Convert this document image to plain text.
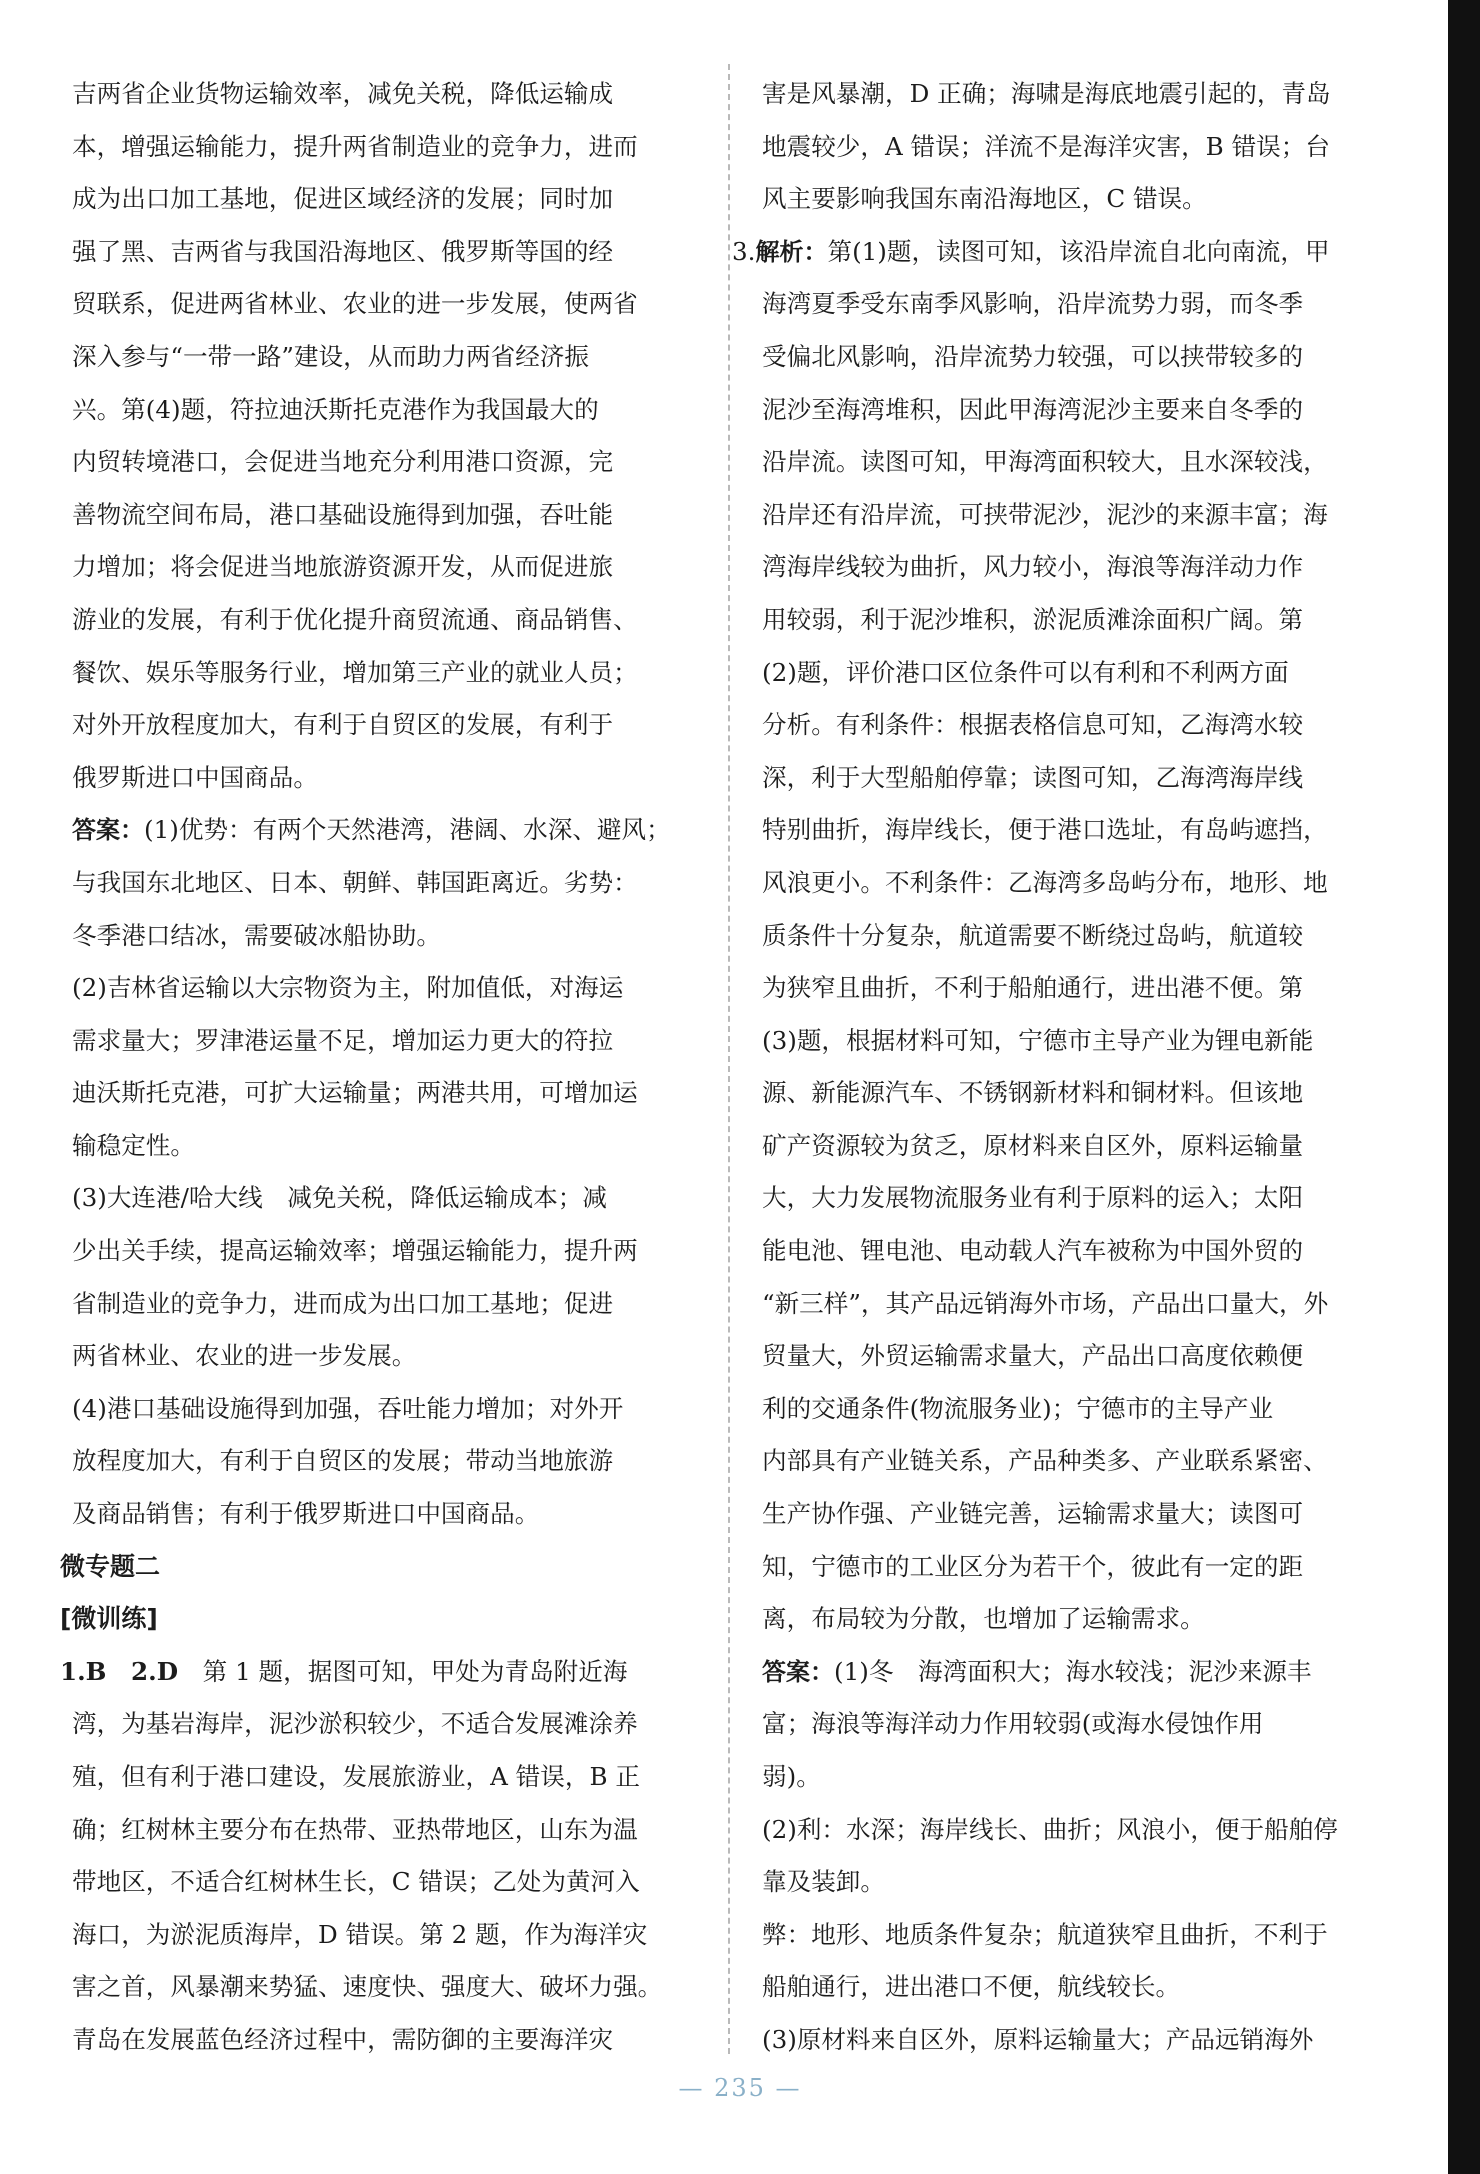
吉两省企业货物运输效率，减免关税，降低运输成
本，增强运输能力，提升两省制造业的竞争力，进而
成为出口加工基地，促进区域经济的发展；同时加
强了黑、吉两省与我国沿海地区、俄罗斯等国的经
贸联系，促进两省林业、农业的进一步发展，使两省
深入参与“一带一路”建设，从而助力两省经济振
兴。第(4)题，符拉迪沃斯托克港作为我国最大的
内贸转境港口，会促进当地充分利用港口资源，完
善物流空间布局，港口基础设施得到加强，吞吐能
力增加；将会促进当地旅游资源开发，从而促进旅
游业的发展，有利于优化提升商贸流通、商品销售、
餐饮、娱乐等服务行业，增加第三产业的就业人员；
对外开放程度加大，有利于自贸区的发展，有利于
俄罗斯进口中国商品。
答案：(1)优势：有两个天然港湾，港阔、水深、避风；
与我国东北地区、日本、朝鲜、韩国距离近。劣势：
冬季港口结冰，需要破冰船协助。
(2)吉林省运输以大宗物资为主，附加值低，对海运
需求量大；罗津港运量不足，增加运力更大的符拉
迪沃斯托克港，可扩大运输量；两港共用，可增加运
输稳定性。
(3)大连港/哈大线　减免关税，降低运输成本；减
少出关手续，提高运输效率；增强运输能力，提升两
省制造业的竞争力，进而成为出口加工基地；促进
两省林业、农业的进一步发展。
(4)港口基础设施得到加强，吞吐能力增加；对外开
放程度加大，有利于自贸区的发展；带动当地旅游
及商品销售；有利于俄罗斯进口中国商品。
微专题二
[微训练]
1.B　2.D　第 1 题，据图可知，甲处为青岛附近海
湾，为基岩海岸，泥沙淤积较少，不适合发展滩涂养
殖，但有利于港口建设，发展旅游业，A 错误，B 正
确；红树林主要分布在热带、亚热带地区，山东为温
带地区，不适合红树林生长，C 错误；乙处为黄河入
海口，为淤泥质海岸，D 错误。第 2 题，作为海洋灾
害之首，风暴潮来势猛、速度快、强度大、破坏力强。
青岛在发展蓝色经济过程中，需防御的主要海洋灾
害是风暴潮，D 正确；海啸是海底地震引起的，青岛
地震较少，A 错误；洋流不是海洋灾害，B 错误；台
风主要影响我国东南沿海地区，C 错误。
3.解析：第(1)题，读图可知，该沿岸流自北向南流，甲
海湾夏季受东南季风影响，沿岸流势力弱，而冬季
受偏北风影响，沿岸流势力较强，可以挟带较多的
泥沙至海湾堆积，因此甲海湾泥沙主要来自冬季的
沿岸流。读图可知，甲海湾面积较大，且水深较浅，
沿岸还有沿岸流，可挟带泥沙，泥沙的来源丰富；海
湾海岸线较为曲折，风力较小，海浪等海洋动力作
用较弱，利于泥沙堆积，淤泥质滩涂面积广阔。第
(2)题，评价港口区位条件可以有利和不利两方面
分析。有利条件：根据表格信息可知，乙海湾水较
深，利于大型船舶停靠；读图可知，乙海湾海岸线
特别曲折，海岸线长，便于港口选址，有岛屿遮挡，
风浪更小。不利条件：乙海湾多岛屿分布，地形、地
质条件十分复杂，航道需要不断绕过岛屿，航道较
为狭窄且曲折，不利于船舶通行，进出港不便。第
(3)题，根据材料可知，宁德市主导产业为锂电新能
源、新能源汽车、不锈钢新材料和铜材料。但该地
矿产资源较为贫乏，原材料来自区外，原料运输量
大，大力发展物流服务业有利于原料的运入；太阳
能电池、锂电池、电动载人汽车被称为中国外贸的
“新三样”，其产品远销海外市场，产品出口量大，外
贸量大，外贸运输需求量大，产品出口高度依赖便
利的交通条件(物流服务业)；宁德市的主导产业
内部具有产业链关系，产品种类多、产业联系紧密、
生产协作强、产业链完善，运输需求量大；读图可
知，宁德市的工业区分为若干个，彼此有一定的距
离，布局较为分散，也增加了运输需求。
答案：(1)冬　海湾面积大；海水较浅；泥沙来源丰
富；海浪等海洋动力作用较弱(或海水侵蚀作用
弱)。
(2)利：水深；海岸线长、曲折；风浪小，便于船舶停
靠及装卸。
弊：地形、地质条件复杂；航道狭窄且曲折，不利于
船舶通行，进出港口不便，航线较长。
(3)原材料来自区外，原料运输量大；产品远销海外
— 235 —
